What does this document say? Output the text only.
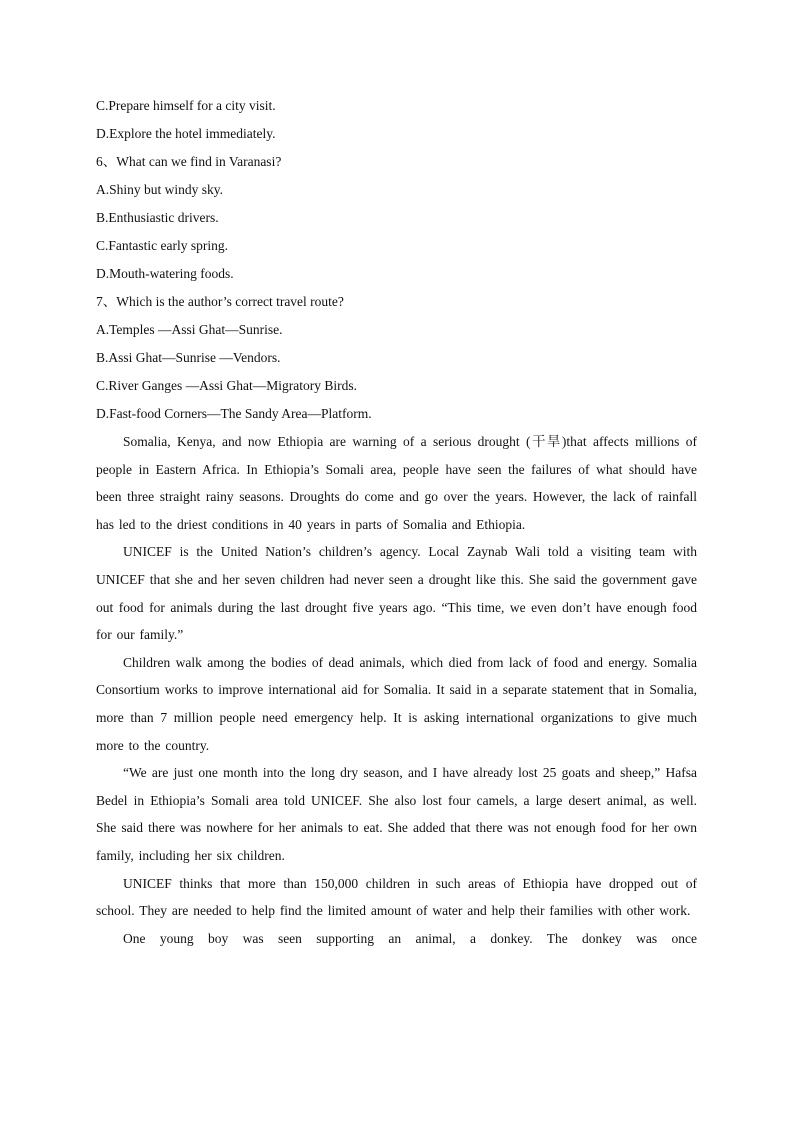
C.Prepare himself for a city visit.
D.Explore the hotel immediately.
6、What can we find in Varanasi?
A.Shiny but windy sky.
B.Enthusiastic drivers.
C.Fantastic early spring.
D.Mouth-watering foods.
7、Which is the author’s correct travel route?
A.Temples —Assi Ghat—Sunrise.
B.Assi Ghat—Sunrise —Vendors.
C.River Ganges —Assi Ghat—Migratory Birds.
D.Fast-food Corners—The Sandy Area—Platform.

Somalia, Kenya, and now Ethiopia are warning of a serious drought (干旱)that affects millions of people in Eastern Africa. In Ethiopia’s Somali area, people have seen the failures of what should have been three straight rainy seasons. Droughts do come and go over the years. However, the lack of rainfall has led to the driest conditions in 40 years in parts of Somalia and Ethiopia.

UNICEF is the United Nation’s children’s agency. Local Zaynab Wali told a visiting team with UNICEF that she and her seven children had never seen a drought like this. She said the government gave out food for animals during the last drought five years ago. “This time, we even don’t have enough food for our family.”

Children walk among the bodies of dead animals, which died from lack of food and energy. Somalia Consortium works to improve international aid for Somalia. It said in a separate statement that in Somalia, more than 7 million people need emergency help. It is asking international organizations to give much more to the country.

“We are just one month into the long dry season, and I have already lost 25 goats and sheep,” Hafsa Bedel in Ethiopia’s Somali area told UNICEF. She also lost four camels, a large desert animal, as well. She said there was nowhere for her animals to eat. She added that there was not enough food for her own family, including her six children.

UNICEF thinks that more than 150,000 children in such areas of Ethiopia have dropped out of school. They are needed to help find the limited amount of water and help their families with other work.

One young boy was seen supporting an animal, a donkey. The donkey was once
